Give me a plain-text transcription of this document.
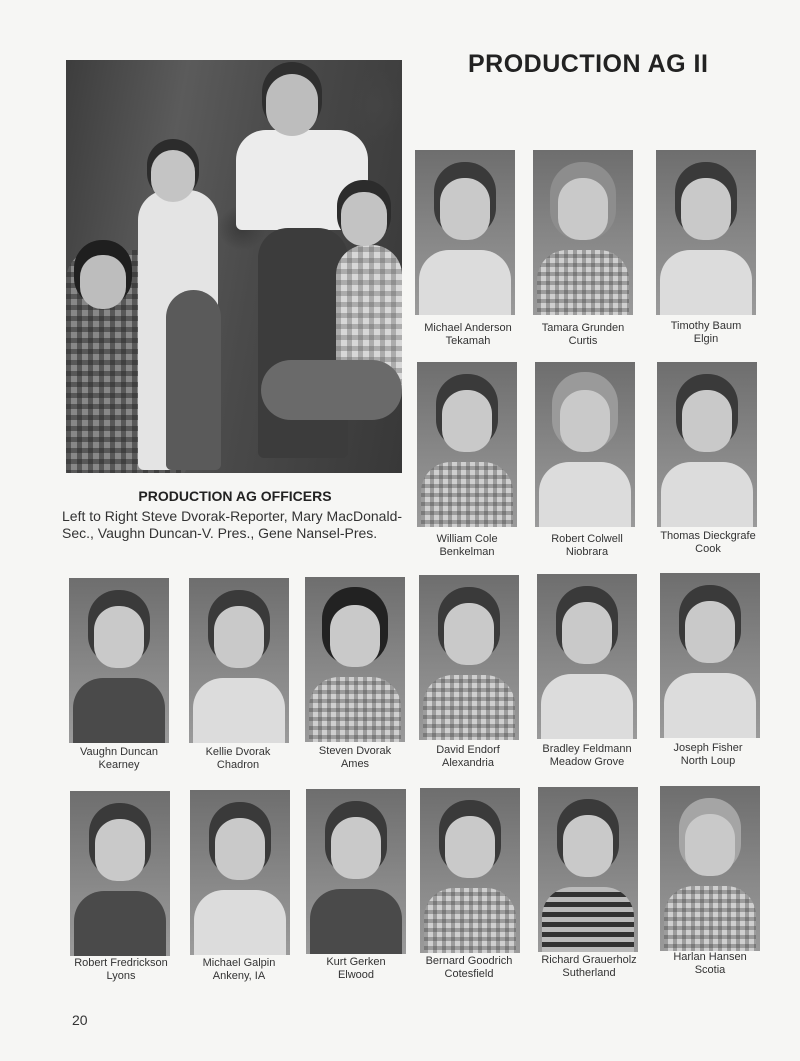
PRODUCTION AG II
PRODUCTION AG OFFICERS
Left to Right Steve Dvorak-Reporter, Mary MacDonald-Sec., Vaughn Duncan-V. Pres., Gene Nansel-Pres.
Michael Anderson
Tekamah
Tamara Grunden
Curtis
Timothy Baum
Elgin
William Cole
Benkelman
Robert Colwell
Niobrara
Thomas Dieckgrafe
Cook
Vaughn Duncan
Kearney
Kellie Dvorak
Chadron
Steven Dvorak
Ames
David Endorf
Alexandria
Bradley Feldmann
Meadow Grove
Joseph Fisher
North Loup
Robert Fredrickson
Lyons
Michael Galpin
Ankeny, IA
Kurt Gerken
Elwood
Bernard Goodrich
Cotesfield
Richard Grauerholz
Sutherland
Harlan Hansen
Scotia
20
